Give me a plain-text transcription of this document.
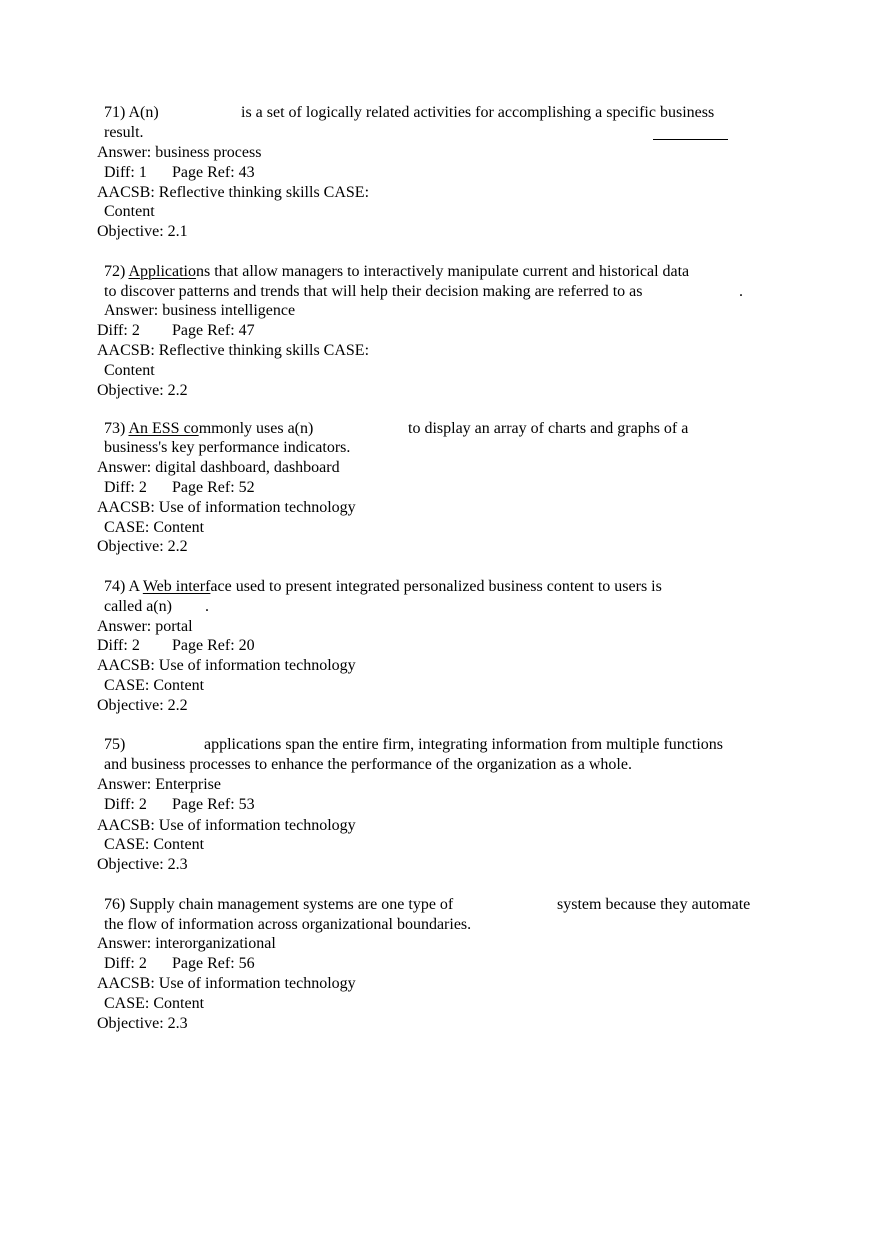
71) A(n)	is a set of logically related activities for accomplishing a specific business
result.
Answer: business process
Diff: 1 Page Ref: 43
AACSB: Reflective thinking skills CASE:
Content
Objective: 2.1
72) Applications that allow managers to interactively manipulate current and historical data
to discover patterns and trends that will help their decision making are referred to as	.
Answer: business intelligence
Diff: 2 Page Ref: 47
AACSB: Reflective thinking skills CASE:
Content
Objective: 2.2
73) An ESS commonly uses a(n)	to display an array of charts and graphs of a
business's key performance indicators.
Answer: digital dashboard, dashboard
Diff: 2 Page Ref: 52
AACSB: Use of information technology
CASE: Content
Objective: 2.2
74) A Web interface used to present integrated personalized business content to users is
called a(n) .
Answer: portal
Diff: 2 Page Ref: 20
AACSB: Use of information technology
CASE: Content
Objective: 2.2
75)	applications span the entire firm, integrating information from multiple functions
and business processes to enhance the performance of the organization as a whole.
Answer: Enterprise
Diff: 2 Page Ref: 53
AACSB: Use of information technology
CASE: Content
Objective: 2.3
76) Supply chain management systems are one type of	system because they automate
the flow of information across organizational boundaries.
Answer: interorganizational
Diff: 2 Page Ref: 56
AACSB: Use of information technology
CASE: Content
Objective: 2.3
